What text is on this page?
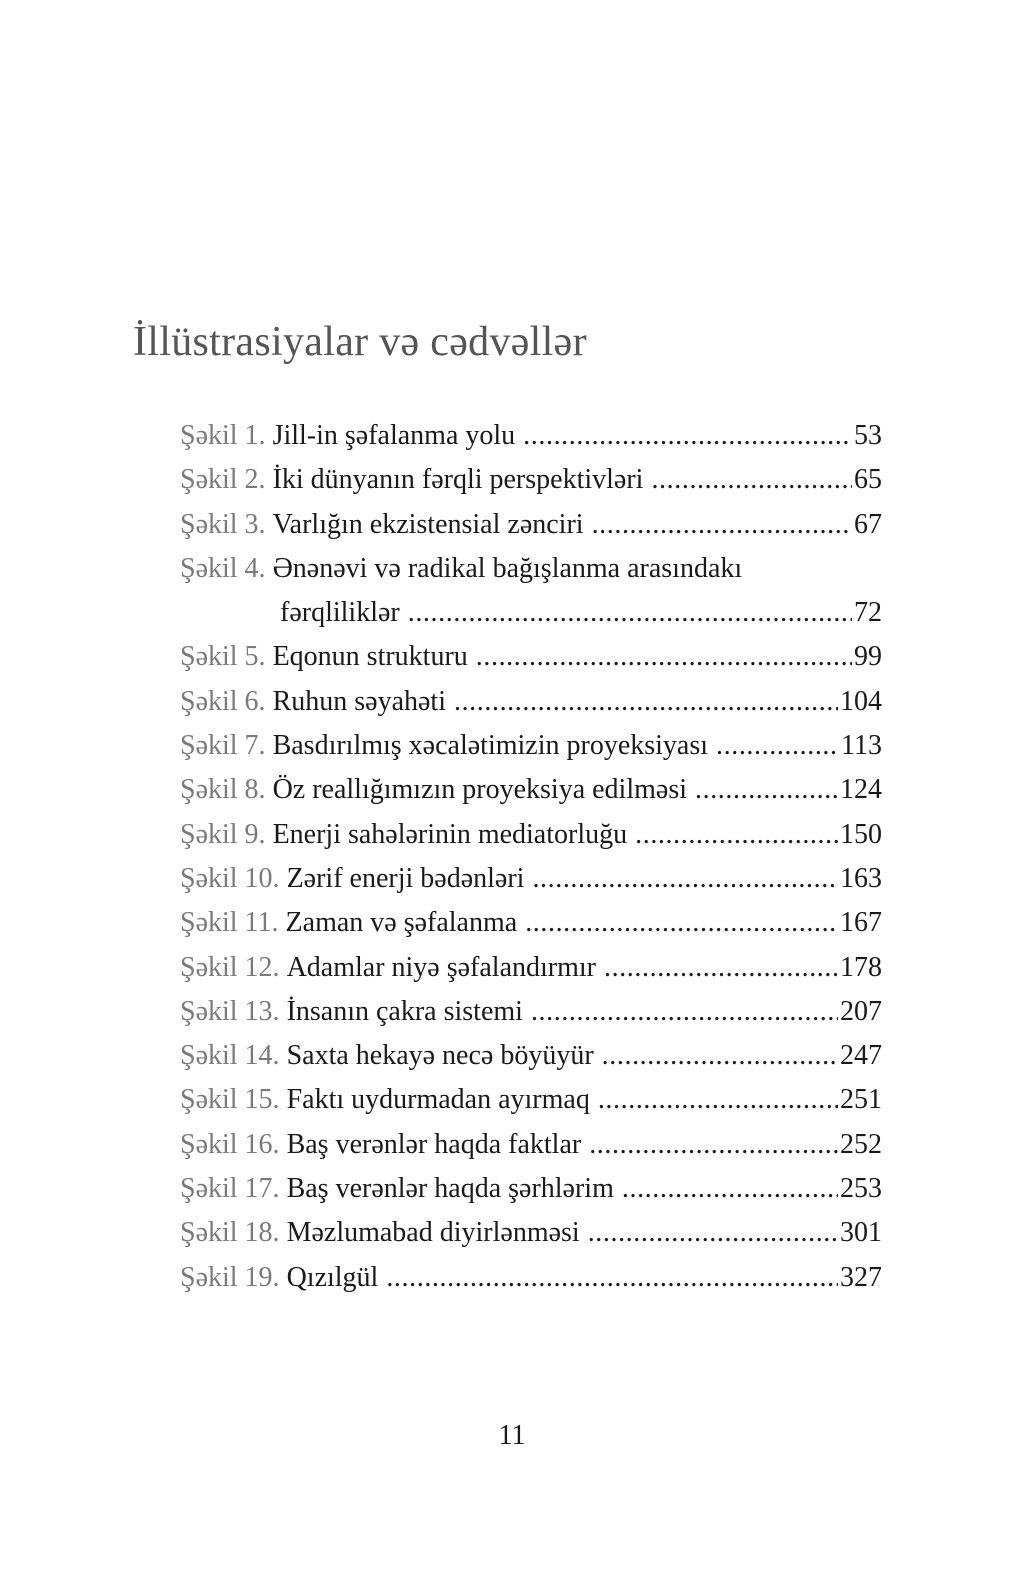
İllüstrasiyalar və cədvəllər
Şəkil 1.
Jill-in şəfalanma yolu .....	53
Şəkil 2.
İki dünyanın fərqli perspektivləri .....	65
Şəkil 3.
Varlığın ekzistensial zənciri .....	67
Şəkil 4.
Ənənəvi və radikal bağışlanma arasındakı
fərqliliklər .....	72
Şəkil 5.
Eqonun strukturu .....	99
Şəkil 6.
Ruhun səyahəti .....	104
Şəkil 7.
Basdırılmış xəcalətimizin proyeksiyası .....	113
Şəkil 8.
Öz reallığımızın proyeksiya edilməsi .....	124
Şəkil 9.
Enerji sahələrinin mediatorluğu .....	150
Şəkil 10.
Zərif enerji bədənləri .....	163
Şəkil 11.
Zaman və şəfalanma .....	167
Şəkil 12.
Adamlar niyə şəfalandırmır .....	178
Şəkil 13.
İnsanın çakra sistemi .....	207
Şəkil 14.
Saxta hekayə necə böyüyür .....	247
Şəkil 15.
Faktı uydurmadan ayırmaq .....	251
Şəkil 16.
Baş verənlər haqda faktlar .....	252
Şəkil 17.
Baş verənlər haqda şərhlərim .....	253
Şəkil 18.
Məzlumabad diyirlənməsi .....	301
Şəkil 19.
Qızılgül .....	327
11
